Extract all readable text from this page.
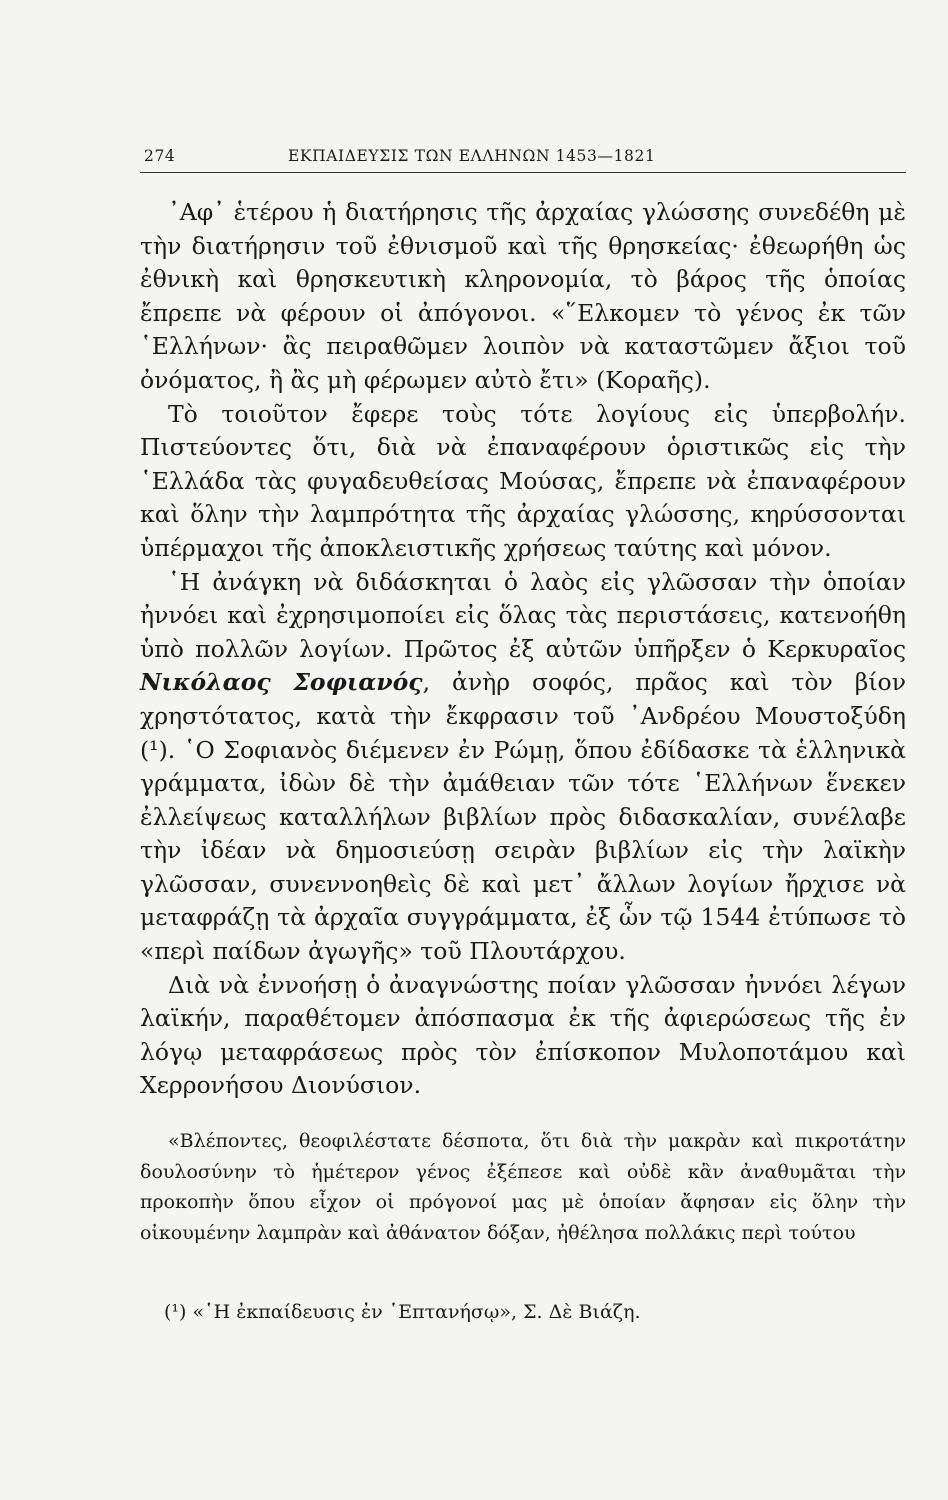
274	ΕΚΠΑΙΔΕΥΣΙΣ ΤΩΝ ΕΛΛΗΝΩΝ 1453—1821

᾿Αφ᾿ ἑτέρου ἡ διατήρησις τῆς ἀρχαίας γλώσσης συνεδέθη μὲ τὴν διατήρησιν τοῦ ἐθνισμοῦ καὶ τῆς θρησκείας· ἐθεωρήθη ὡς ἐθνικὴ καὶ θρησκευτικὴ κληρονομία, τὸ βάρος τῆς ὁποίας ἔπρεπε νὰ φέρουν οἱ ἀπόγονοι. «῞Ελκομεν τὸ γένος ἐκ τῶν ῾Ελλήνων· ἂς πειραθῶμεν λοιπὸν νὰ καταστῶμεν ἄξιοι τοῦ ὀνόματος, ἢ ἂς μὴ φέρωμεν αὐτὸ ἔτι» (Κοραῆς).

Τὸ τοιοῦτον ἔφερε τοὺς τότε λογίους εἰς ὑπερβολήν. Πιστεύοντες ὅτι, διὰ νὰ ἐπαναφέρουν ὁριστικῶς εἰς τὴν ῾Ελλάδα τὰς φυγαδευθείσας Μούσας, ἔπρεπε νὰ ἐπαναφέρουν καὶ ὅλην τὴν λαμπρότητα τῆς ἀρχαίας γλώσσης, κηρύσσονται ὑπέρμαχοι τῆς ἀποκλειστικῆς χρήσεως ταύτης καὶ μόνον.

῾Η ἀνάγκη νὰ διδάσκηται ὁ λαὸς εἰς γλῶσσαν τὴν ὁποίαν ἠννόει καὶ ἐχρησιμοποίει εἰς ὅλας τὰς περιστάσεις, κατενοήθη ὑπὸ πολλῶν λογίων. Πρῶτος ἐξ αὐτῶν ὑπῆρξεν ὁ Κερκυραῖος Νικόλαος Σοφιανός, ἀνὴρ σοφός, πρᾶος καὶ τὸν βίον χρηστότατος, κατὰ τὴν ἔκφρασιν τοῦ ᾿Ανδρέου Μουστοξύδη (¹). ῾Ο Σοφιανὸς διέμενεν ἐν Ρώμῃ, ὅπου ἐδίδασκε τὰ ἑλληνικὰ γράμματα, ἰδὼν δὲ τὴν ἀμάθειαν τῶν τότε ῾Ελλήνων ἕνεκεν ἐλλείψεως καταλλήλων βιβλίων πρὸς διδασκαλίαν, συνέλαβε τὴν ἰδέαν νὰ δημοσιεύσῃ σειρὰν βιβλίων εἰς τὴν λαϊκὴν γλῶσσαν, συνεννοηθεὶς δὲ καὶ μετ᾿ ἄλλων λογίων ἤρχισε νὰ μεταφράζῃ τὰ ἀρχαῖα συγγράμματα, ἐξ ὧν τῷ 1544 ἐτύπωσε τὸ «περὶ παίδων ἀγωγῆς» τοῦ Πλουτάρχου.

Διὰ νὰ ἐννοήσῃ ὁ ἀναγνώστης ποίαν γλῶσσαν ἠννόει λέγων λαϊκήν, παραθέτομεν ἀπόσπασμα ἐκ τῆς ἀφιερώσεως τῆς ἐν λόγῳ μεταφράσεως πρὸς τὸν ἐπίσκοπον Μυλοποτάμου καὶ Χερρονήσου Διονύσιον.

«Βλέποντες, θεοφιλέστατε δέσποτα, ὅτι διὰ τὴν μακρὰν καὶ πικροτάτην δουλοσύνην τὸ ἡμέτερον γένος ἐξέπεσε καὶ οὐδὲ κἂν ἀναθυμᾶται τὴν προκοπὴν ὅπου εἶχον οἱ πρόγονοί μας μὲ ὁποίαν ἄφησαν εἰς ὅλην τὴν οἰκουμένην λαμπρὰν καὶ ἀθάνατον δόξαν, ἠθέλησα πολλάκις περὶ τούτου

(¹) «῾Η ἐκπαίδευσις ἐν ῾Επτανήσῳ», Σ. Δὲ Βιάζη.
